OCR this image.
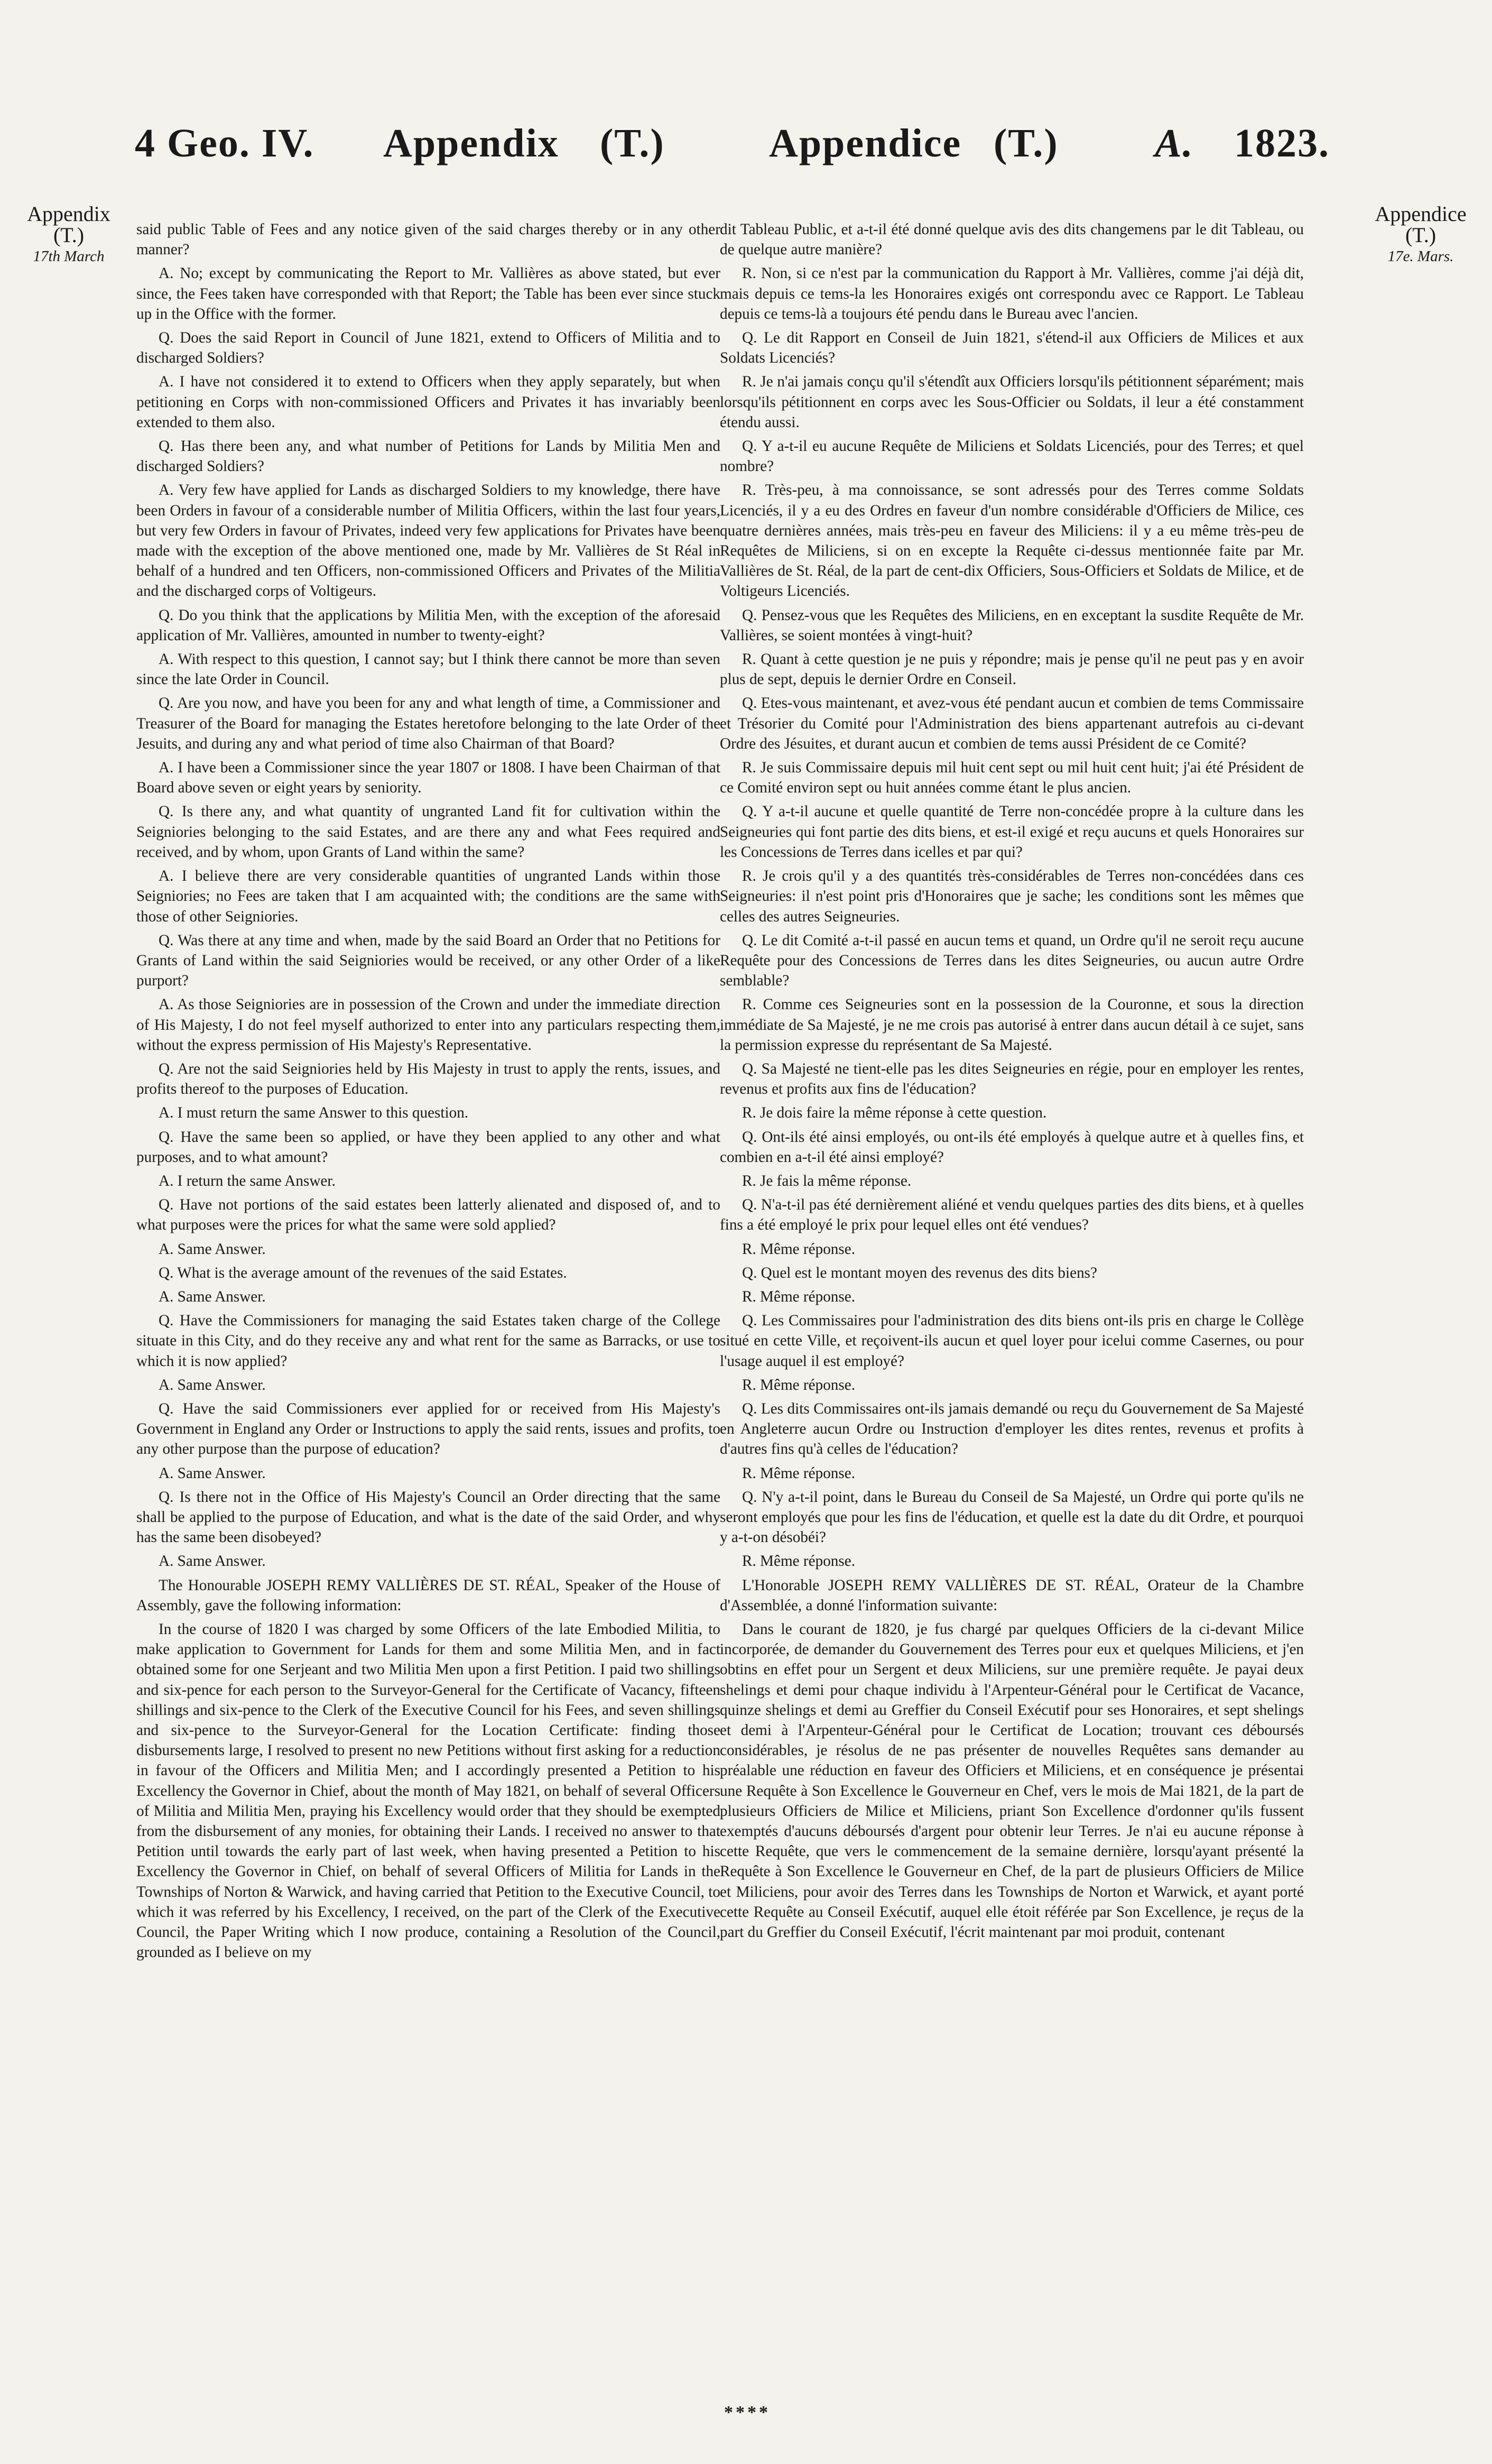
4 Geo. IV. Appendix (T.)	Appendice (T.) A. 1823.
Appendix
(T.)
17th March
Appendice
(T.)
17e. Mars.

said public Table of Fees and any notice given of the said charges thereby or in any other manner?

A. No; except by communicating the Report to Mr. Vallières as above stated, but ever since, the Fees taken have corresponded with that Report; the Table has been ever since stuck up in the Office with the former.

Q. Does the said Report in Council of June 1821, extend to Officers of Militia and to discharged Soldiers?

A. I have not considered it to extend to Officers when they apply separately, but when petitioning en Corps with non-commissioned Officers and Privates it has invariably been extended to them also.

Q. Has there been any, and what number of Petitions for Lands by Militia Men and discharged Soldiers?

A. Very few have applied for Lands as discharged Soldiers to my knowledge, there have been Orders in favour of a considerable number of Militia Officers, within the last four years, but very few Orders in favour of Privates, indeed very few applications for Privates have been made with the exception of the above mentioned one, made by Mr. Vallières de St Réal in behalf of a hundred and ten Officers, non-commissioned Officers and Privates of the Militia and the discharged corps of Voltigeurs.

Q. Do you think that the applications by Militia Men, with the exception of the aforesaid application of Mr. Vallières, amounted in number to twenty-eight?

A. With respect to this question, I cannot say; but I think there cannot be more than seven since the late Order in Council.

Q. Are you now, and have you been for any and what length of time, a Commissioner and Treasurer of the Board for managing the Estates heretofore belonging to the late Order of the Jesuits, and during any and what period of time also Chairman of that Board?

A. I have been a Commissioner since the year 1807 or 1808. I have been Chairman of that Board above seven or eight years by seniority.

Q. Is there any, and what quantity of ungranted Land fit for cultivation within the Seigniories belonging to the said Estates, and are there any and what Fees required and received, and by whom, upon Grants of Land within the same?

A. I believe there are very considerable quantities of ungranted Lands within those Seigniories; no Fees are taken that I am acquainted with; the conditions are the same with those of other Seigniories.

Q. Was there at any time and when, made by the said Board an Order that no Petitions for Grants of Land within the said Seigniories would be received, or any other Order of a like purport?

A. As those Seigniories are in possession of the Crown and under the immediate direction of His Majesty, I do not feel myself authorized to enter into any particulars respecting them, without the express permission of His Majesty's Representative.

Q. Are not the said Seigniories held by His Majesty in trust to apply the rents, issues, and profits thereof to the purposes of Education.

A. I must return the same Answer to this question.

Q. Have the same been so applied, or have they been applied to any other and what purposes, and to what amount?

A. I return the same Answer.

Q. Have not portions of the said estates been latterly alienated and disposed of, and to what purposes were the prices for what the same were sold applied?

A. Same Answer.

Q. What is the average amount of the revenues of the said Estates.

A. Same Answer.

Q. Have the Commissioners for managing the said Estates taken charge of the College situate in this City, and do they receive any and what rent for the same as Barracks, or use to which it is now applied?

A. Same Answer.

Q. Have the said Commissioners ever applied for or received from His Majesty's Government in England any Order or Instructions to apply the said rents, issues and profits, to any other purpose than the purpose of education?

A. Same Answer.

Q. Is there not in the Office of His Majesty's Council an Order directing that the same shall be applied to the purpose of Education, and what is the date of the said Order, and why has the same been disobeyed?

A. Same Answer.

The Honourable JOSEPH REMY VALLIÈRES DE ST. RÉAL, Speaker of the House of Assembly, gave the following information:

In the course of 1820 I was charged by some Officers of the late Embodied Militia, to make application to Government for Lands for them and some Militia Men, and in fact obtained some for one Serjeant and two Militia Men upon a first Petition. I paid two shillings and six-pence for each person to the Surveyor-General for the Certificate of Vacancy, fifteen shillings and six-pence to the Clerk of the Executive Council for his Fees, and seven shillings and six-pence to the Surveyor-General for the Location Certificate: finding those disbursements large, I resolved to present no new Petitions without first asking for a reduction in favour of the Officers and Militia Men; and I accordingly presented a Petition to his Excellency the Governor in Chief, about the month of May 1821, on behalf of several Officers of Militia and Militia Men, praying his Excellency would order that they should be exempted from the disbursement of any monies, for obtaining their Lands. I received no answer to that Petition until towards the early part of last week, when having presented a Petition to his Excellency the Governor in Chief, on behalf of several Officers of Militia for Lands in the Townships of Norton & Warwick, and having carried that Petition to the Executive Council, to which it was referred by his Excellency, I received, on the part of the Clerk of the Executive Council, the Paper Writing which I now produce, containing a Resolution of the Council, grounded as I believe on my

dit Tableau Public, et a-t-il été donné quelque avis des dits changemens par le dit Tableau, ou de quelque autre manière?

R. Non, si ce n'est par la communication du Rapport à Mr. Vallières, comme j'ai déjà dit, mais depuis ce tems-la les Honoraires exigés ont correspondu avec ce Rapport. Le Tableau depuis ce tems-là a toujours été pendu dans le Bureau avec l'ancien.

Q. Le dit Rapport en Conseil de Juin 1821, s'étend-il aux Officiers de Milices et aux Soldats Licenciés?

R. Je n'ai jamais conçu qu'il s'étendît aux Officiers lorsqu'ils pétitionnent séparément; mais lorsqu'ils pétitionnent en corps avec les Sous-Officier ou Soldats, il leur a été constamment étendu aussi.

Q. Y a-t-il eu aucune Requête de Miliciens et Soldats Licenciés, pour des Terres; et quel nombre?

R. Très-peu, à ma connoissance, se sont adressés pour des Terres comme Soldats Licenciés, il y a eu des Ordres en faveur d'un nombre considérable d'Officiers de Milice, ces quatre dernières années, mais très-peu en faveur des Miliciens: il y a eu même très-peu de Requêtes de Miliciens, si on en excepte la Requête ci-dessus mentionnée faite par Mr. Vallières de St. Réal, de la part de cent-dix Officiers, Sous-Officiers et Soldats de Milice, et de Voltigeurs Licenciés.

Q. Pensez-vous que les Requêtes des Miliciens, en en exceptant la susdite Requête de Mr. Vallières, se soient montées à vingt-huit?

R. Quant à cette question je ne puis y répondre; mais je pense qu'il ne peut pas y en avoir plus de sept, depuis le dernier Ordre en Conseil.

Q. Etes-vous maintenant, et avez-vous été pendant aucun et combien de tems Commissaire et Trésorier du Comité pour l'Administration des biens appartenant autrefois au ci-devant Ordre des Jésuites, et durant aucun et combien de tems aussi Président de ce Comité?

R. Je suis Commissaire depuis mil huit cent sept ou mil huit cent huit; j'ai été Président de ce Comité environ sept ou huit années comme étant le plus ancien.

Q. Y a-t-il aucune et quelle quantité de Terre non-concédée propre à la culture dans les Seigneuries qui font partie des dits biens, et est-il exigé et reçu aucuns et quels Honoraires sur les Concessions de Terres dans icelles et par qui?

R. Je crois qu'il y a des quantités très-considérables de Terres non-concédées dans ces Seigneuries: il n'est point pris d'Honoraires que je sache; les conditions sont les mêmes que celles des autres Seigneuries.

Q. Le dit Comité a-t-il passé en aucun tems et quand, un Ordre qu'il ne seroit reçu aucune Requête pour des Concessions de Terres dans les dites Seigneuries, ou aucun autre Ordre semblable?

R. Comme ces Seigneuries sont en la possession de la Couronne, et sous la direction immédiate de Sa Majesté, je ne me crois pas autorisé à entrer dans aucun détail à ce sujet, sans la permission expresse du représentant de Sa Majesté.

Q. Sa Majesté ne tient-elle pas les dites Seigneuries en régie, pour en employer les rentes, revenus et profits aux fins de l'éducation?

R. Je dois faire la même réponse à cette question.

Q. Ont-ils été ainsi employés, ou ont-ils été employés à quelque autre et à quelles fins, et combien en a-t-il été ainsi employé?

R. Je fais la même réponse.

Q. N'a-t-il pas été dernièrement aliéné et vendu quelques parties des dits biens, et à quelles fins a été employé le prix pour lequel elles ont été vendues?

R. Même réponse.

Q. Quel est le montant moyen des revenus des dits biens?

R. Même réponse.

Q. Les Commissaires pour l'administration des dits biens ont-ils pris en charge le Collège situé en cette Ville, et reçoivent-ils aucun et quel loyer pour icelui comme Casernes, ou pour l'usage auquel il est employé?

R. Même réponse.

Q. Les dits Commissaires ont-ils jamais demandé ou reçu du Gouvernement de Sa Majesté en Angleterre aucun Ordre ou Instruction d'employer les dites rentes, revenus et profits à d'autres fins qu'à celles de l'éducation?

R. Même réponse.

Q. N'y a-t-il point, dans le Bureau du Conseil de Sa Majesté, un Ordre qui porte qu'ils ne seront employés que pour les fins de l'éducation, et quelle est la date du dit Ordre, et pourquoi y a-t-on désobéi?

R. Même réponse.

L'Honorable JOSEPH REMY VALLIÈRES DE ST. RÉAL, Orateur de la Chambre d'Assemblée, a donné l'information suivante:

Dans le courant de 1820, je fus chargé par quelques Officiers de la ci-devant Milice incorporée, de demander du Gouvernement des Terres pour eux et quelques Miliciens, et j'en obtins en effet pour un Sergent et deux Miliciens, sur une première requête. Je payai deux shelings et demi pour chaque individu à l'Arpenteur-Général pour le Certificat de Vacance, quinze shelings et demi au Greffier du Conseil Exécutif pour ses Honoraires, et sept shelings et demi à l'Arpenteur-Général pour le Certificat de Location; trouvant ces déboursés considérables, je résolus de ne pas présenter de nouvelles Requêtes sans demander au préalable une réduction en faveur des Officiers et Miliciens, et en conséquence je présentai une Requête à Son Excellence le Gouverneur en Chef, vers le mois de Mai 1821, de la part de plusieurs Officiers de Milice et Miliciens, priant Son Excellence d'ordonner qu'ils fussent exemptés d'aucuns déboursés d'argent pour obtenir leur Terres. Je n'ai eu aucune réponse à cette Requête, que vers le commencement de la semaine dernière, lorsqu'ayant présenté la Requête à Son Excellence le Gouverneur en Chef, de la part de plusieurs Officiers de Milice et Miliciens, pour avoir des Terres dans les Townships de Norton et Warwick, et ayant porté cette Requête au Conseil Exécutif, auquel elle étoit référée par Son Excellence, je reçus de la part du Greffier du Conseil Exécutif, l'écrit maintenant par moi produit, contenant

****
